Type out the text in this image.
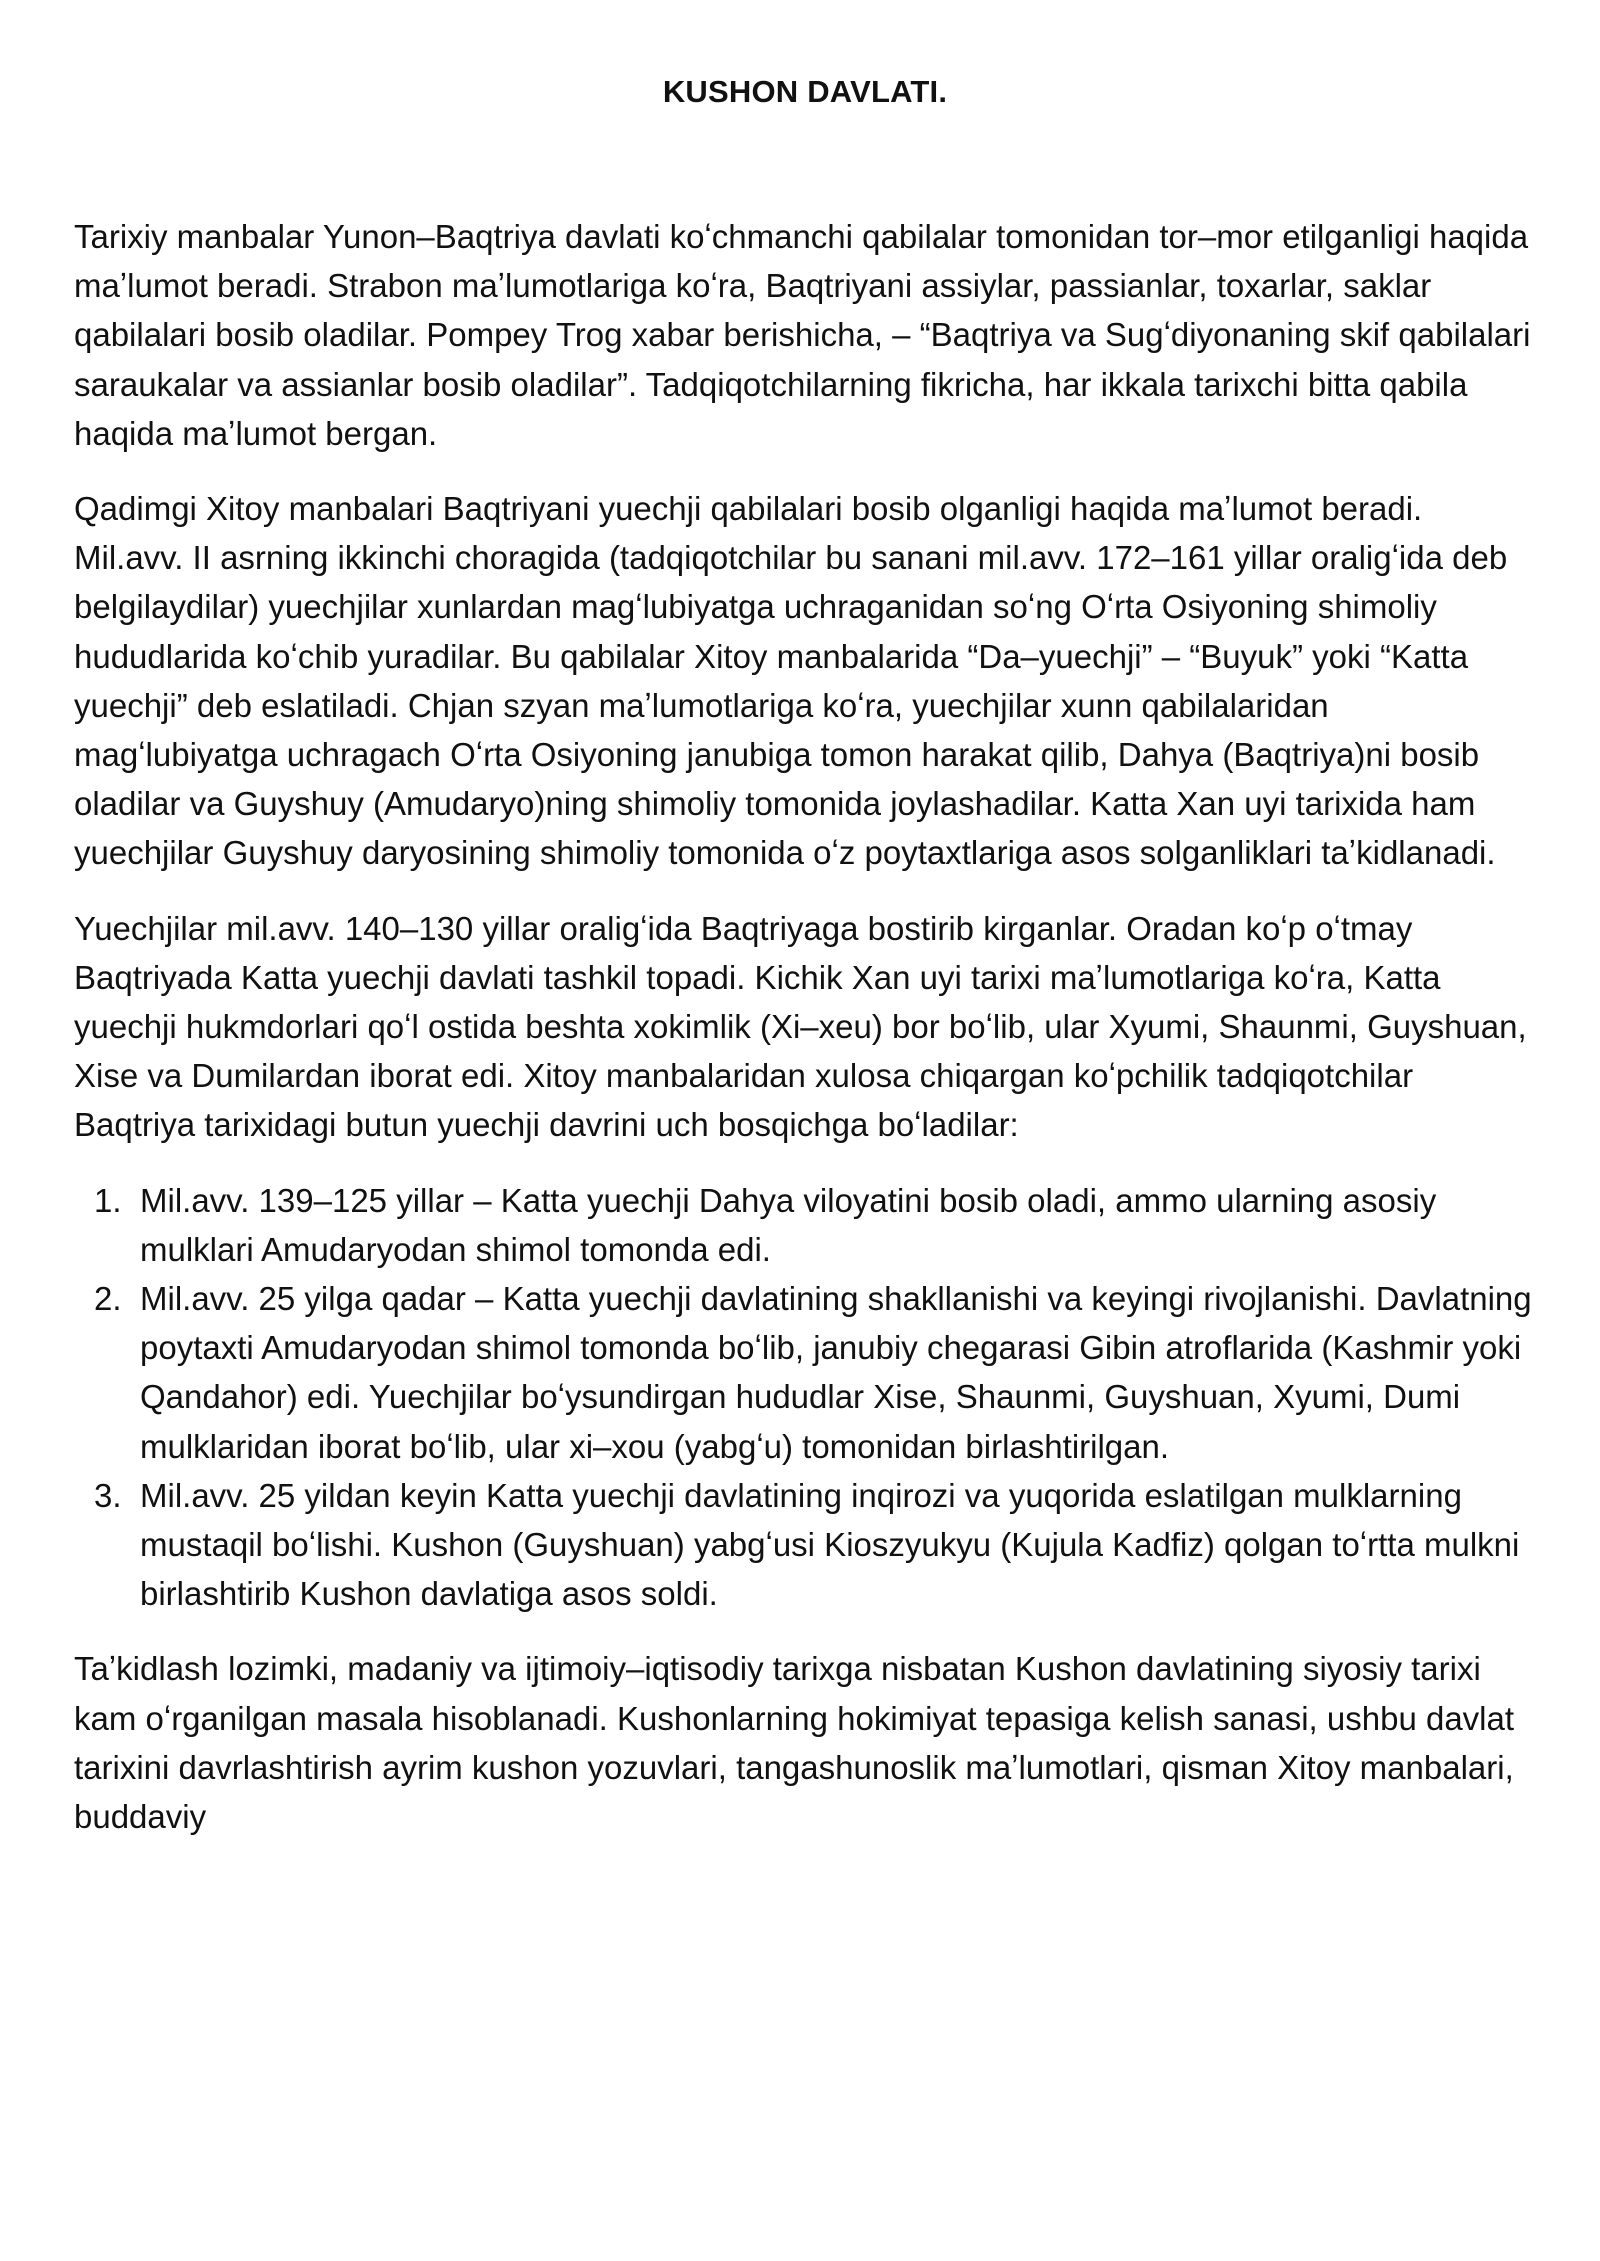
KUSHON DAVLATI.

Tarixiy manbalar Yunon–Baqtriya davlati koʻchmanchi qabilalar tomonidan tor–mor etilganligi haqida maʼlumot beradi. Strabon maʼlumotlariga koʻra, Baqtriyani assiylar, passianlar, toxarlar, saklar qabilalari bosib oladilar. Pompey Trog xabar berishicha, – “Baqtriya va Sugʻdiyonaning skif qabilalari saraukalar va assianlar bosib oladilar”. Tadqiqotchilarning fikricha, har ikkala tarixchi bitta qabila haqida maʼlumot bergan.

Qadimgi Xitoy manbalari Baqtriyani yuechji qabilalari bosib olganligi haqida maʼlumot beradi. Mil.avv. II asrning ikkinchi choragida (tadqiqotchilar bu sanani mil.avv. 172–161 yillar oraligʻida deb belgilaydilar) yuechjilar xunlardan magʻlubiyatga uchraganidan soʻng Oʻrta Osiyoning shimoliy hududlarida koʻchib yuradilar. Bu qabilalar Xitoy manbalarida “Da–yuechji” – “Buyuk” yoki “Katta yuechji” deb eslatiladi. Chjan szyan maʼlumotlariga koʻra, yuechjilar xunn qabilalaridan magʻlubiyatga uchragach Oʻrta Osiyoning janubiga tomon harakat qilib, Dahya (Baqtriya)ni bosib oladilar va Guyshuy (Amudaryo)ning shimoliy tomonida joylashadilar. Katta Xan uyi tarixida ham yuechjilar Guyshuy daryosining shimoliy tomonida oʻz poytaxtlariga asos solganliklari taʼkidlanadi.

Yuechjilar mil.avv. 140–130 yillar oraligʻida Baqtriyaga bostirib kirganlar. Oradan koʻp oʻtmay Baqtriyada Katta yuechji davlati tashkil topadi. Kichik Xan uyi tarixi maʼlumotlariga koʻra, Katta yuechji hukmdorlari qoʻl ostida beshta xokimlik (Xi–xeu) bor boʻlib, ular Xyumi, Shaunmi, Guyshuan, Xise va Dumilardan iborat edi. Xitoy manbalaridan xulosa chiqargan koʻpchilik tadqiqotchilar Baqtriya tarixidagi butun yuechji davrini uch bosqichga boʻladilar:

1. Mil.avv. 139–125 yillar – Katta yuechji Dahya viloyatini bosib oladi, ammo ularning asosiy mulklari Amudaryodan shimol tomonda edi.
2. Mil.avv. 25 yilga qadar – Katta yuechji davlatining shakllanishi va keyingi rivojlanishi. Davlatning poytaxti Amudaryodan shimol tomonda boʻlib, janubiy chegarasi Gibin atroflarida (Kashmir yoki Qandahor) edi. Yuechjilar boʻysundirgan hududlar Xise, Shaunmi, Guyshuan, Xyumi, Dumi mulklaridan iborat boʻlib, ular xi–xou (yabgʻu) tomonidan birlashtirilgan.
3. Mil.avv. 25 yildan keyin Katta yuechji davlatining inqirozi va yuqorida eslatilgan mulklarning mustaqil boʻlishi. Kushon (Guyshuan) yabgʻusi Kioszyukyu (Kujula Kadfiz) qolgan toʻrtta mulkni birlashtirib Kushon davlatiga asos soldi.

Taʼkidlash lozimki, madaniy va ijtimoiy–iqtisodiy tarixga nisbatan Kushon davlatining siyosiy tarixi kam oʻrganilgan masala hisoblanadi. Kushonlarning hokimiyat tepasiga kelish sanasi, ushbu davlat tarixini davrlashtirish ayrim kushon yozuvlari, tangashunoslik maʼlumotlari, qisman Xitoy manbalari, buddaviy
